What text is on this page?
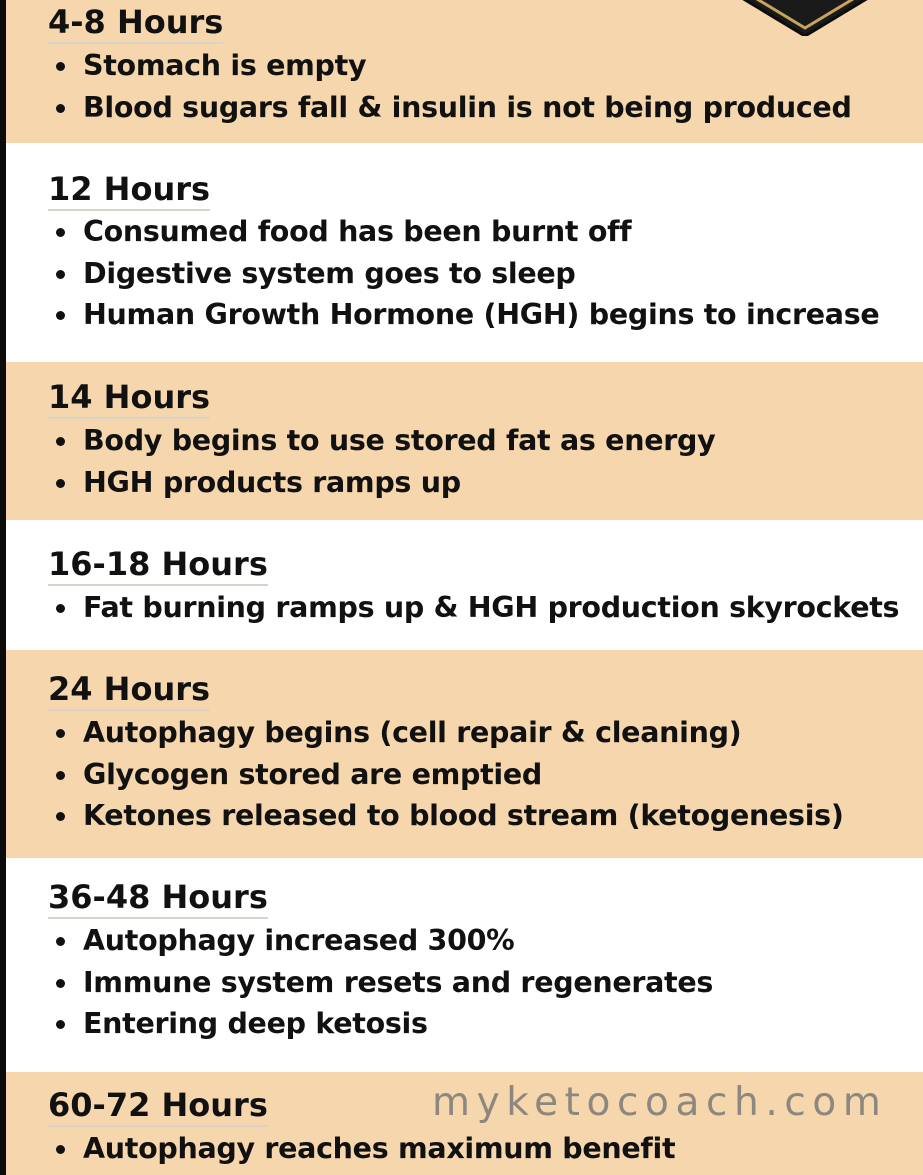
4-8 Hours
Stomach is empty
Blood sugars fall & insulin is not being produced
12 Hours
Consumed food has been burnt off
Digestive system goes to sleep
Human Growth Hormone (HGH) begins to increase
14 Hours
Body begins to use stored fat as energy
HGH products ramps up
16-18 Hours
Fat burning ramps up & HGH production skyrockets
24 Hours
Autophagy begins (cell repair & cleaning)
Glycogen stored are emptied
Ketones released to blood stream (ketogenesis)
36-48 Hours
Autophagy increased 300%
Immune system resets and regenerates
Entering deep ketosis
60-72 Hours
Autophagy reaches maximum benefit
myketocoach.com
